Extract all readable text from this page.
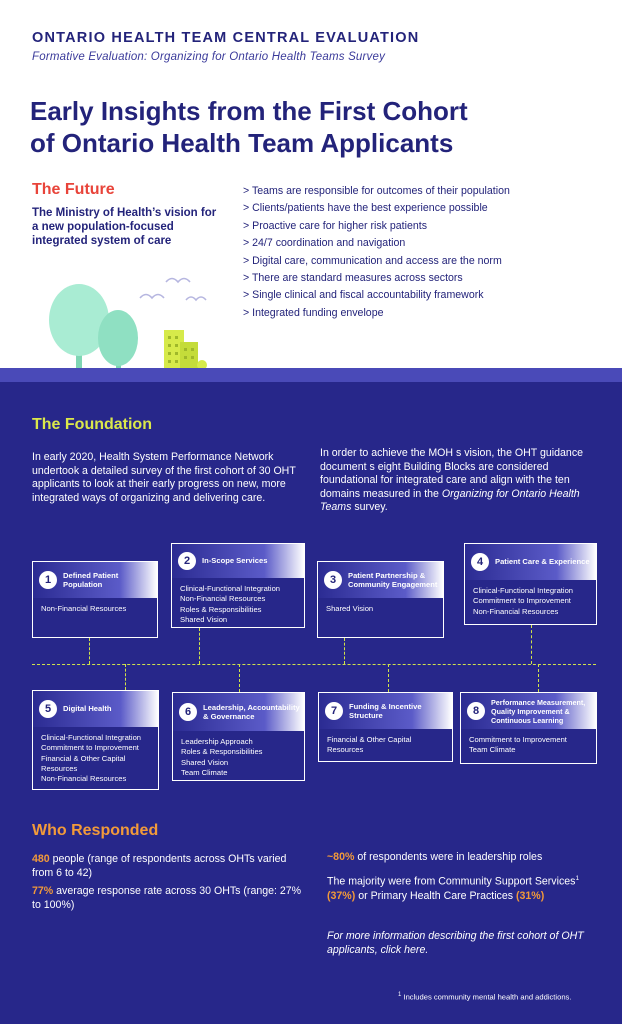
ONTARIO HEALTH TEAM CENTRAL EVALUATION
Formative Evaluation: Organizing for Ontario Health Teams Survey
Early Insights from the First Cohort
of Ontario Health Team Applicants
The Future
The Ministry of Health’s vision for a new population-focused integrated system of care
> Teams are responsible for outcomes of their population
> Clients/patients have the best experience possible
> Proactive care for higher risk patients
> 24/7 coordination and navigation
> Digital care, communication and access are the norm
> There are standard measures across sectors
> Single clinical and fiscal accountability framework
> Integrated funding envelope
The Foundation
In early 2020, Health System Performance Network undertook a detailed survey of the first cohort of 30 OHT applicants to look at their early progress on new, more integrated ways of organizing and delivering care.
In order to achieve the MOH s vision, the OHT guidance document s eight Building Blocks are considered foundational for integrated care and align with the ten domains measured in the Organizing for Ontario Health Teams survey.
1	Defined Patient Population
Non-Financial Resources
2	In-Scope Services
Clinical-Functional Integration
Non-Financial Resources
Roles & Responsibilities
Shared Vision
3	Patient Partnership & Community Engagement
Shared Vision
4	Patient Care & Experience
Clinical-Functional Integration
Commitment to Improvement
Non-Financial Resources
5	Digital Health
Clinical-Functional Integration
Commitment to Improvement
Financial & Other Capital Resources
Non-Financial Resources
6	Leadership, Accountability & Governance
Leadership Approach
Roles & Responsibilities
Shared Vision
Team Climate
7	Funding & Incentive Structure
Financial & Other Capital Resources
8
Performance Measurement, Quality Improvement & Continuous Learning
Commitment to Improvement
Team Climate
Who Responded
480 people (range of respondents across OHTs varied from 6 to 42)
77% average response rate across 30 OHTs (range: 27% to 100%)
~80% of respondents were in leadership roles
The majority were from Community Support Services$^1$ (37%) or Primary Health Care Practices (31%)
For more information describing the first cohort of OHT applicants, click here.
$^1$ Includes community mental health and addictions.
